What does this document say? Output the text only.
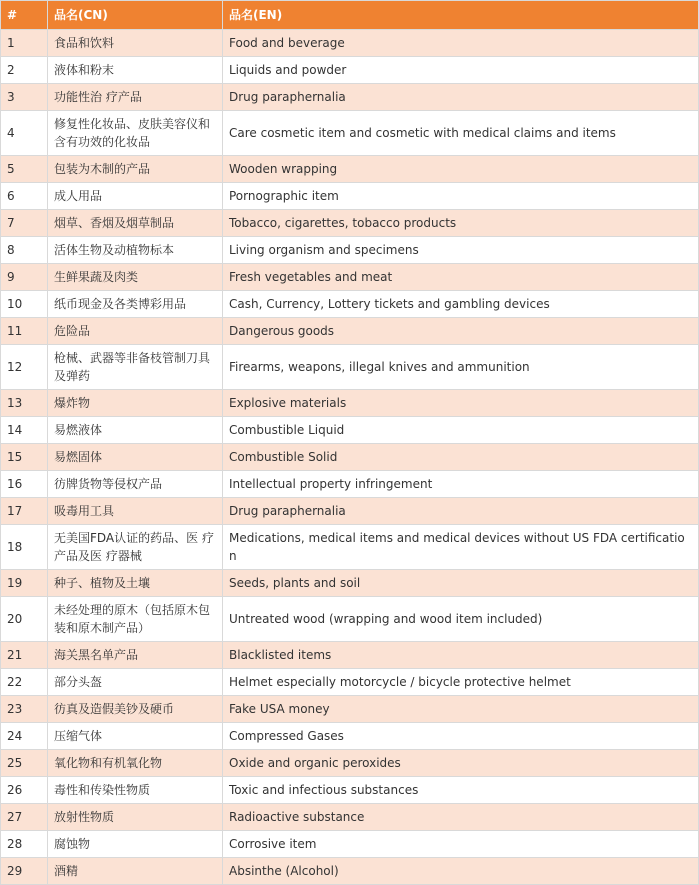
#	品名(CN)	品名(EN)
1	食品和饮料	Food and beverage
2	液体和粉末	Liquids and powder
3	功能性治 疗产品	Drug paraphernalia
4	修复性化妆品、皮肤美容仪和含有功效的化妆品	Care cosmetic item and cosmetic with medical claims and items
5	包装为木制的产品	Wooden wrapping
6	成人用品	Pornographic item
7	烟草、香烟及烟草制品	Tobacco, cigarettes, tobacco products
8	活体生物及动植物标本	Living organism and specimens
9	生鲜果蔬及肉类	Fresh vegetables and meat
10	纸币现金及各类博彩用品	Cash, Currency, Lottery tickets and gambling devices
11	危险品	Dangerous goods
12	枪械、武器等非备枝管制刀具及弹药	Firearms, weapons, illegal knives and ammunition
13	爆炸物	Explosive materials
14	易燃液体	Combustible Liquid
15	易燃固体	Combustible Solid
16	彷牌货物等侵权产品	Intellectual property infringement
17	吸毒用工具	Drug paraphernalia
18	无美国FDA认证的药品、医 疗产品及医 疗器械	Medications, medical items and medical devices without US FDA certification
19	种子、植物及土壤	Seeds, plants and soil
20	未经处理的原木（包括原木包装和原木制产品）	Untreated wood (wrapping and wood item included)
21	海关黑名单产品	Blacklisted items
22	部分头盔	Helmet especially motorcycle / bicycle protective helmet
23	彷真及造假美钞及硬币	Fake USA money
24	压缩气体	Compressed Gases
25	氧化物和有机氧化物	Oxide and organic peroxides
26	毒性和传染性物质	Toxic and infectious substances
27	放射性物质	Radioactive substance
28	腐蚀物	Corrosive item
29	酒精	Absinthe (Alcohol)
